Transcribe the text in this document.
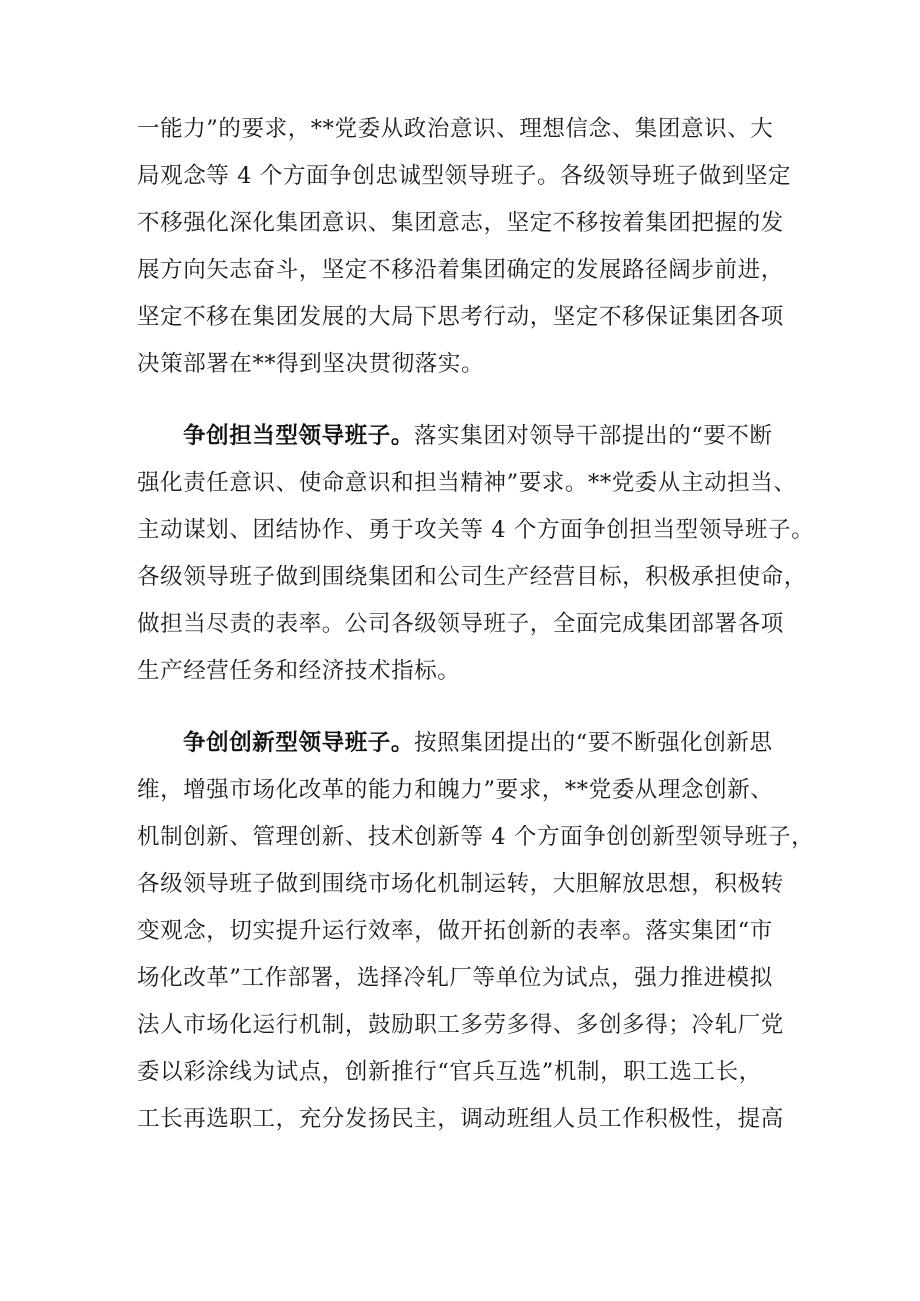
一能力”的要求，**党委从政治意识、理想信念、集团意识、大

局观念等 4 个方面争创忠诚型领导班子。各级领导班子做到坚定

不移强化深化集团意识、集团意志，坚定不移按着集团把握的发

展方向矢志奋斗，坚定不移沿着集团确定的发展路径阔步前进，

坚定不移在集团发展的大局下思考行动，坚定不移保证集团各项

决策部署在**得到坚决贯彻落实。

争创担当型领导班子。落实集团对领导干部提出的“要不断

强化责任意识、使命意识和担当精神”要求。**党委从主动担当、

主动谋划、团结协作、勇于攻关等 4 个方面争创担当型领导班子。

各级领导班子做到围绕集团和公司生产经营目标，积极承担使命，

做担当尽责的表率。公司各级领导班子，全面完成集团部署各项

生产经营任务和经济技术指标。

争创创新型领导班子。按照集团提出的“要不断强化创新思

维，增强市场化改革的能力和魄力”要求，**党委从理念创新、

机制创新、管理创新、技术创新等 4 个方面争创创新型领导班子，

各级领导班子做到围绕市场化机制运转，大胆解放思想，积极转

变观念，切实提升运行效率，做开拓创新的表率。落实集团“市

场化改革”工作部署，选择冷轧厂等单位为试点，强力推进模拟

法人市场化运行机制，鼓励职工多劳多得、多创多得；冷轧厂党

委以彩涂线为试点，创新推行“官兵互选”机制，职工选工长，

工长再选职工，充分发扬民主，调动班组人员工作积极性，提高
